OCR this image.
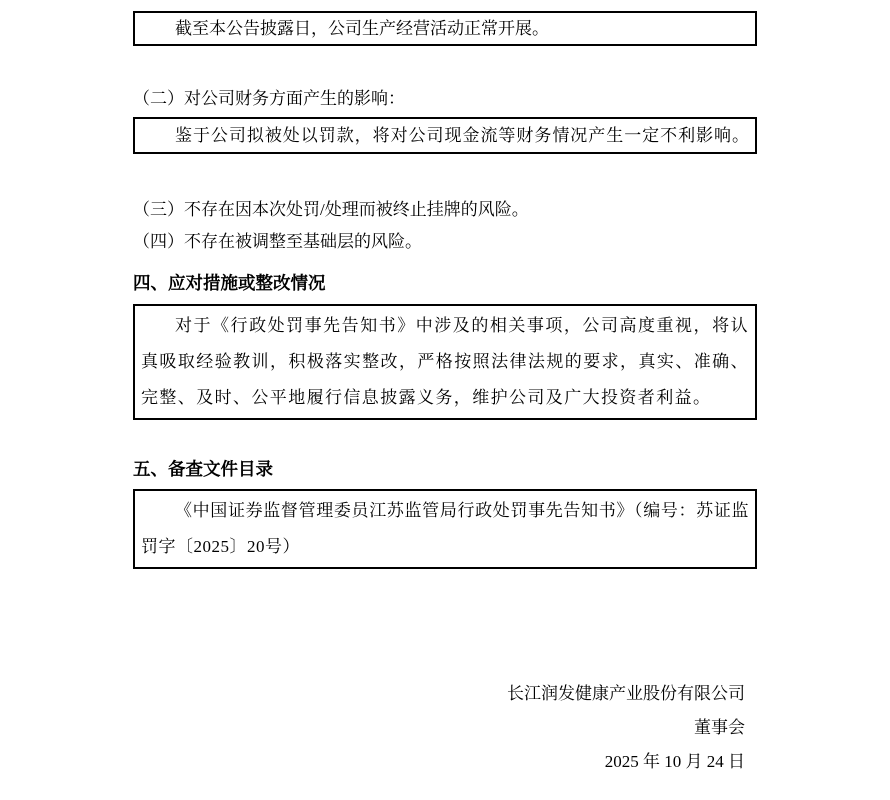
截至本公告披露日，公司生产经营活动正常开展。

（二）对公司财务方面产生的影响：

鉴于公司拟被处以罚款，将对公司现金流等财务情况产生一定不利影响。

（三）不存在因本次处罚/处理而被终止挂牌的风险。
（四）不存在被调整至基础层的风险。
四、应对措施或整改情况

对于《行政处罚事先告知书》中涉及的相关事项，公司高度重视，将认真吸取经验教训，积极落实整改，严格按照法律法规的要求，真实、准确、完整、及时、公平地履行信息披露义务，维护公司及广大投资者利益。

五、备查文件目录

《中国证券监督管理委员江苏监管局行政处罚事先告知书》（编号：苏证监罚字〔2025〕20号）

长江润发健康产业股份有限公司
董事会
2025 年 10 月 24 日
